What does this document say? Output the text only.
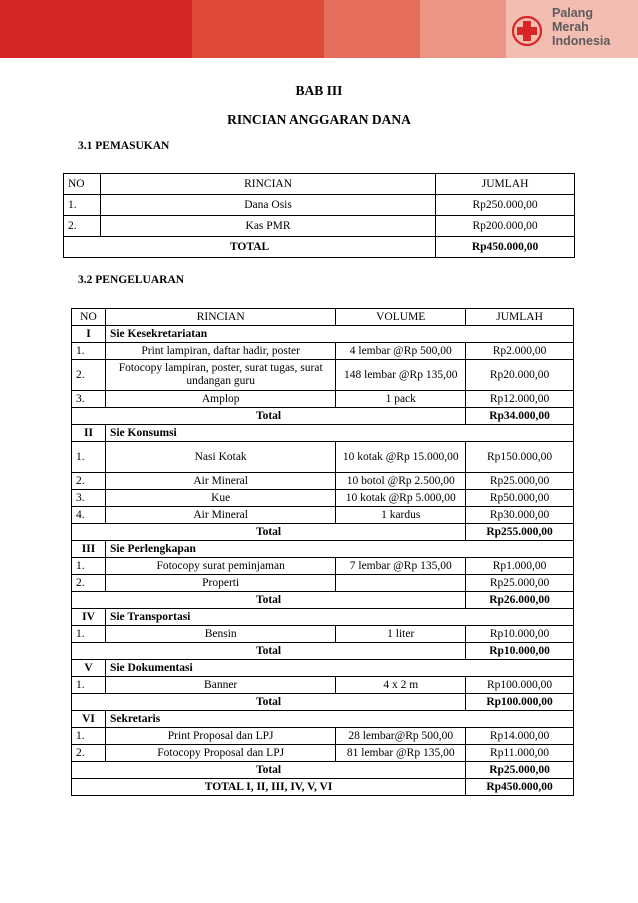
Palang
Merah
Indonesia
BAB III
RINCIAN ANGGARAN DANA
3.1 PEMASUKAN
NO	RINCIAN	JUMLAH
1.	Dana Osis	Rp250.000,00
2.	Kas PMR	Rp200.000,00
TOTAL		Rp450.000,00
3.2 PENGELUARAN
NO	RINCIAN	VOLUME	JUMLAH
I	Sie Kesekretariatan		
1.	Print lampiran, daftar hadir, poster	4 lembar @Rp 500,00	Rp2.000,00
2.	Fotocopy lampiran, poster, surat tugas, surat undangan guru	148 lembar @Rp 135,00	Rp20.000,00
3.	Amplop	1 pack	Rp12.000,00
Total			Rp34.000,00
II	Sie Konsumsi		
1.	Nasi Kotak	10 kotak @Rp 15.000,00	Rp150.000,00
2.	Air Mineral	10 botol @Rp 2.500,00	Rp25.000,00
3.	Kue	10 kotak @Rp 5.000,00	Rp50.000,00
4.	Air Mineral	1 kardus	Rp30.000,00
Total			Rp255.000,00
III	Sie Perlengkapan		
1.	Fotocopy surat peminjaman	7 lembar @Rp 135,00	Rp1.000,00
2.	Properti		Rp25.000,00
Total			Rp26.000,00
IV	Sie Transportasi		
1.	Bensin	1 liter	Rp10.000,00
Total			Rp10.000,00
V	Sie Dokumentasi		
1.	Banner	4 x 2 m	Rp100.000,00
Total			Rp100.000,00
VI	Sekretaris		
1.	Print Proposal dan LPJ	28 lembar@Rp 500,00	Rp14.000,00
2.	Fotocopy Proposal dan LPJ	81 lembar @Rp 135,00	Rp11.000,00
Total			Rp25.000,00
TOTAL I, II, III, IV, V, VI			Rp450.000,00
